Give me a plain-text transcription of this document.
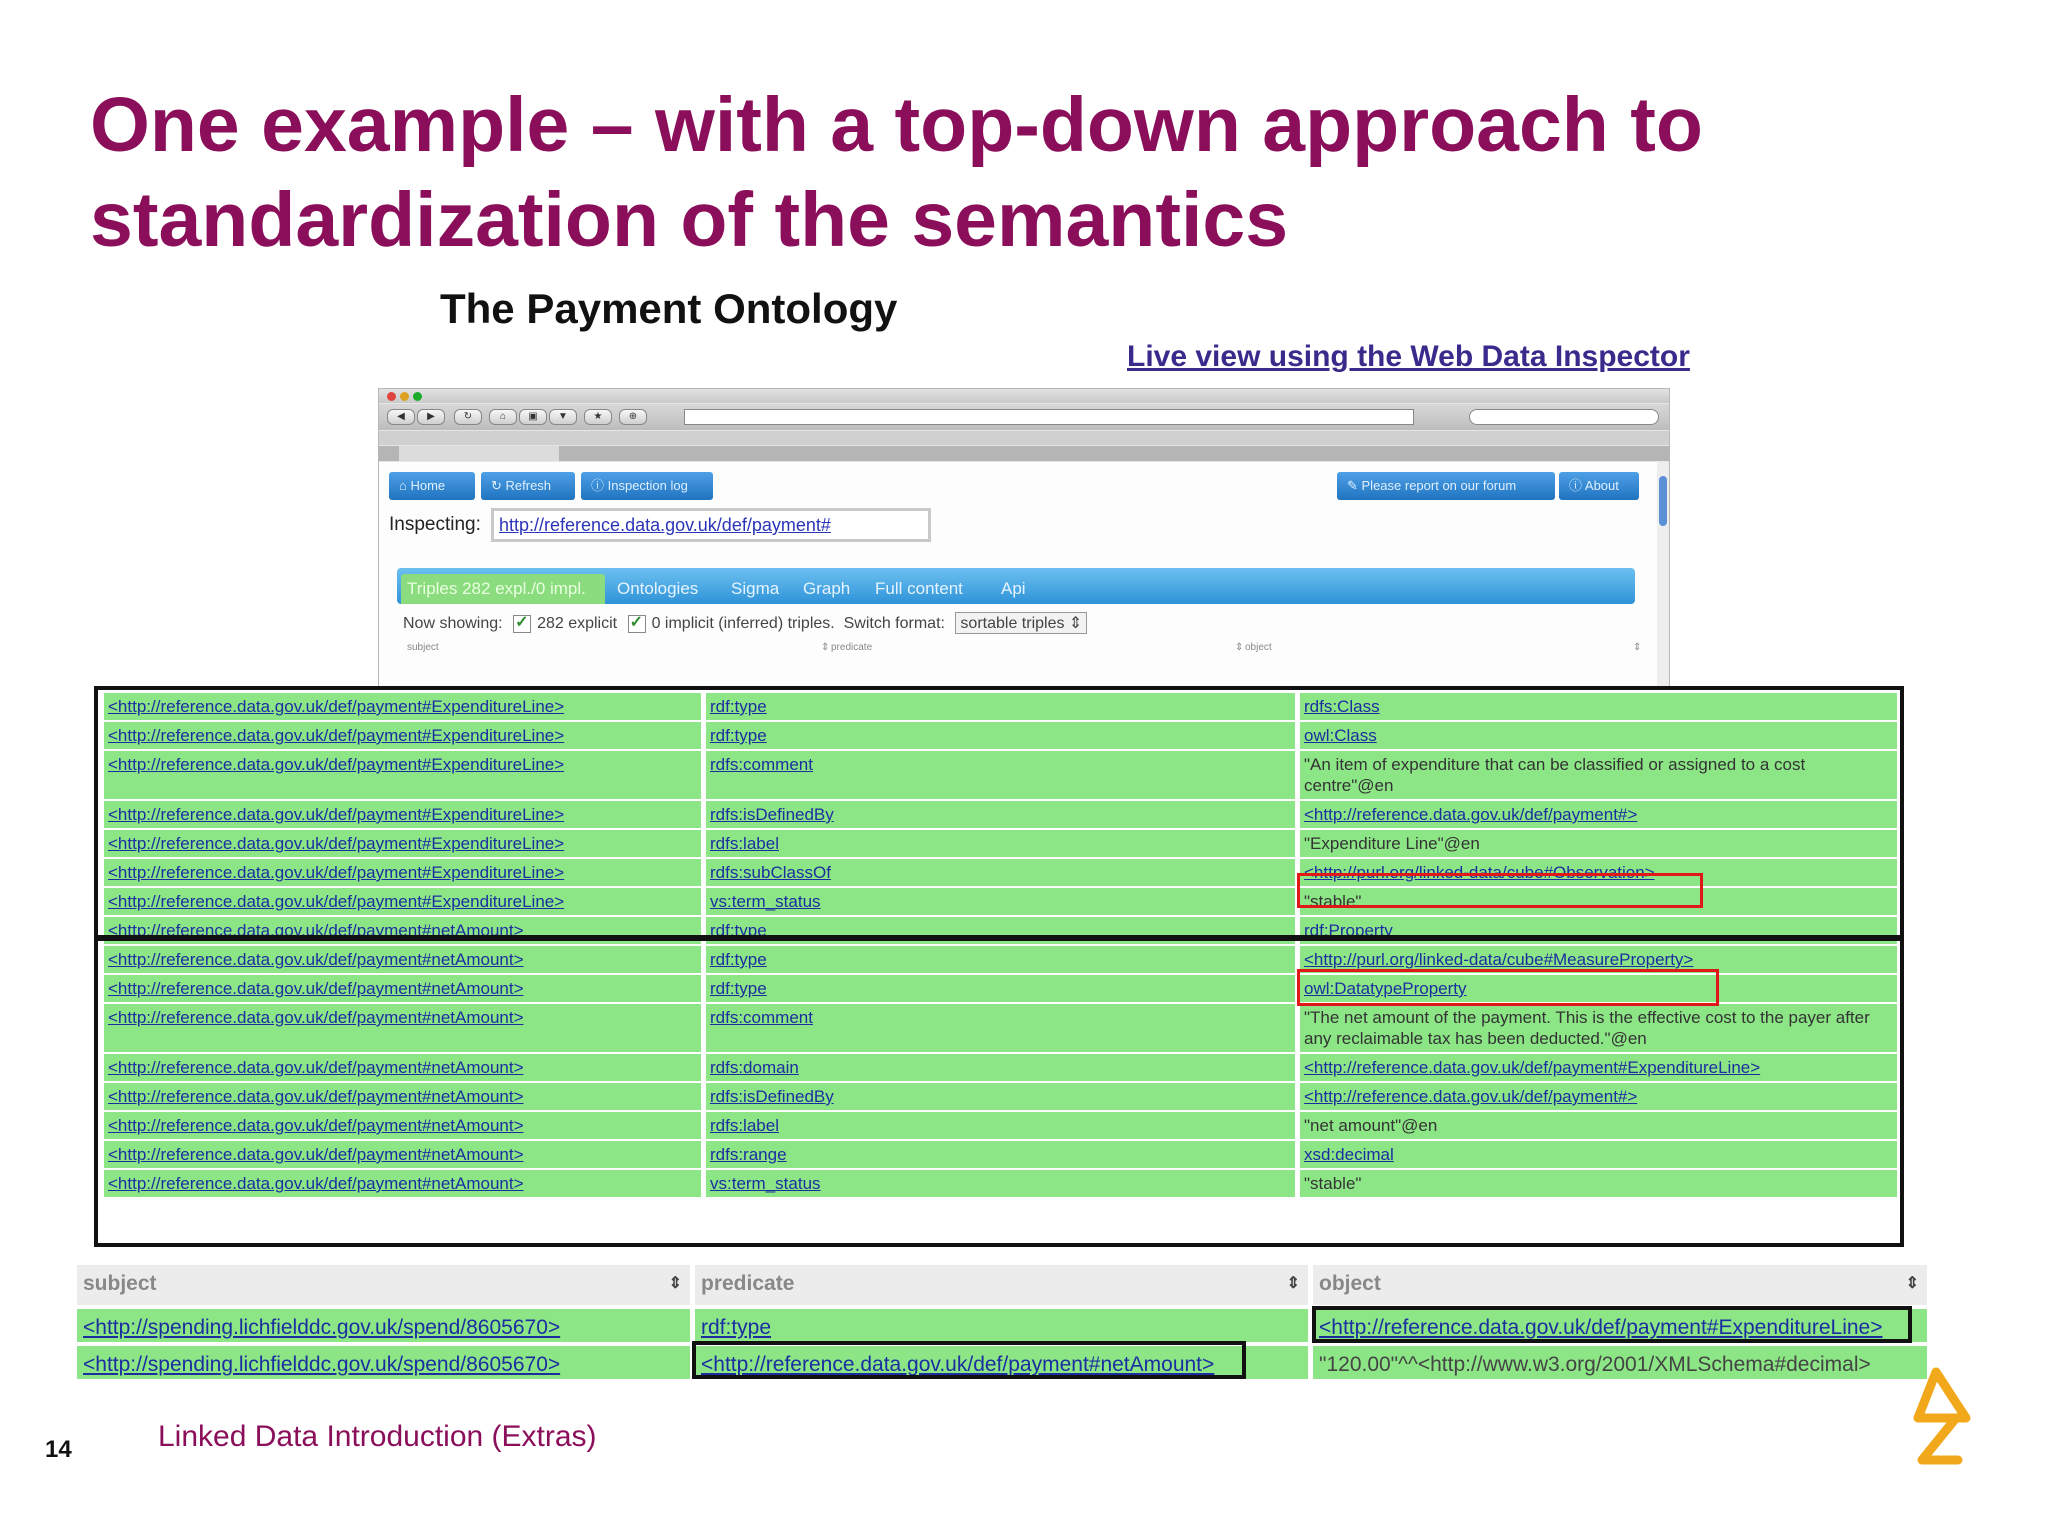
One example – with a top-down approach to
standardization of the semantics
The Payment Ontology
Live view using the Web Data Inspector
◀	▶	↻	⌂	▣	▼	★	⊕
⌂ Home	↻ Refresh	ⓘ Inspection log	✎ Please report on our forum	ⓘ About
Inspecting:	http://reference.data.gov.uk/def/payment#
Triples 282 expl./0 impl.	Ontologies	Sigma	Graph	Full content	Api
Now showing: ✓ 282 explicit ✓ 0 implicit (inferred) triples. Switch format: sortable triples ⇕
subject	⇕ predicate	⇕ object	⇕
<http://reference.data.gov.uk/def/payment#ExpenditureLine>	rdf:type	rdfs:Class
<http://reference.data.gov.uk/def/payment#ExpenditureLine>	rdf:type	owl:Class
<http://reference.data.gov.uk/def/payment#ExpenditureLine>	rdfs:comment	"An item of expenditure that can be classified or assigned to a cost centre"@en
<http://reference.data.gov.uk/def/payment#ExpenditureLine>	rdfs:isDefinedBy	<http://reference.data.gov.uk/def/payment#>
<http://reference.data.gov.uk/def/payment#ExpenditureLine>	rdfs:label	"Expenditure Line"@en
<http://reference.data.gov.uk/def/payment#ExpenditureLine>	rdfs:subClassOf	<http://purl.org/linked-data/cube#Observation>
<http://reference.data.gov.uk/def/payment#ExpenditureLine>	vs:term_status	"stable"
<http://reference.data.gov.uk/def/payment#netAmount>	rdf:type	rdf:Property
<http://reference.data.gov.uk/def/payment#netAmount>	rdf:type	<http://purl.org/linked-data/cube#MeasureProperty>
<http://reference.data.gov.uk/def/payment#netAmount>	rdf:type	owl:DatatypeProperty
<http://reference.data.gov.uk/def/payment#netAmount>	rdfs:comment	"The net amount of the payment. This is the effective cost to the payer after any reclaimable tax has been deducted."@en
<http://reference.data.gov.uk/def/payment#netAmount>	rdfs:domain	<http://reference.data.gov.uk/def/payment#ExpenditureLine>
<http://reference.data.gov.uk/def/payment#netAmount>	rdfs:isDefinedBy	<http://reference.data.gov.uk/def/payment#>
<http://reference.data.gov.uk/def/payment#netAmount>	rdfs:label	"net amount"@en
<http://reference.data.gov.uk/def/payment#netAmount>	rdfs:range	xsd:decimal
<http://reference.data.gov.uk/def/payment#netAmount>	vs:term_status	"stable"
subject	⇕ predicate	⇕ object	⇕
<http://spending.lichfielddc.gov.uk/spend/8605670>	rdf:type	<http://reference.data.gov.uk/def/payment#ExpenditureLine>
<http://spending.lichfielddc.gov.uk/spend/8605670>	<http://reference.data.gov.uk/def/payment#netAmount>	"120.00"^^<http://www.w3.org/2001/XMLSchema#decimal>
14	Linked Data Introduction (Extras)
